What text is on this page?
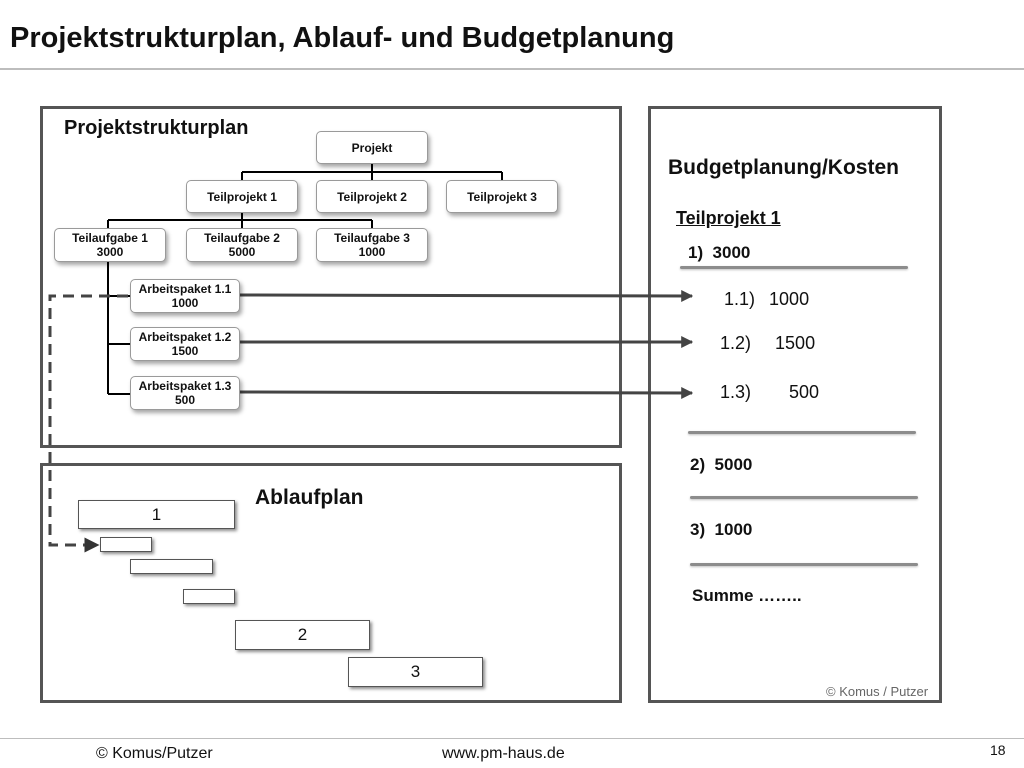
Projektstrukturplan, Ablauf- und Budgetplanung
Projektstrukturplan
Ablaufplan
Projekt
Teilprojekt 1	Teilprojekt 2	Teilprojekt 3
Teilaufgabe 1
3000
Teilaufgabe 2
5000
Teilaufgabe 3
1000
Arbeitspaket 1.1
1000
Arbeitspaket 1.2
1500
Arbeitspaket 1.3
500
1
2
3
Budgetplanung/Kosten
Teilprojekt 1
1)  3000
1.1) 1000
1.2) 1500
1.3) 500
2)  5000
3)  1000
Summe ……..
© Komus / Putzer
© Komus/Putzer	www.pm-haus.de	18
